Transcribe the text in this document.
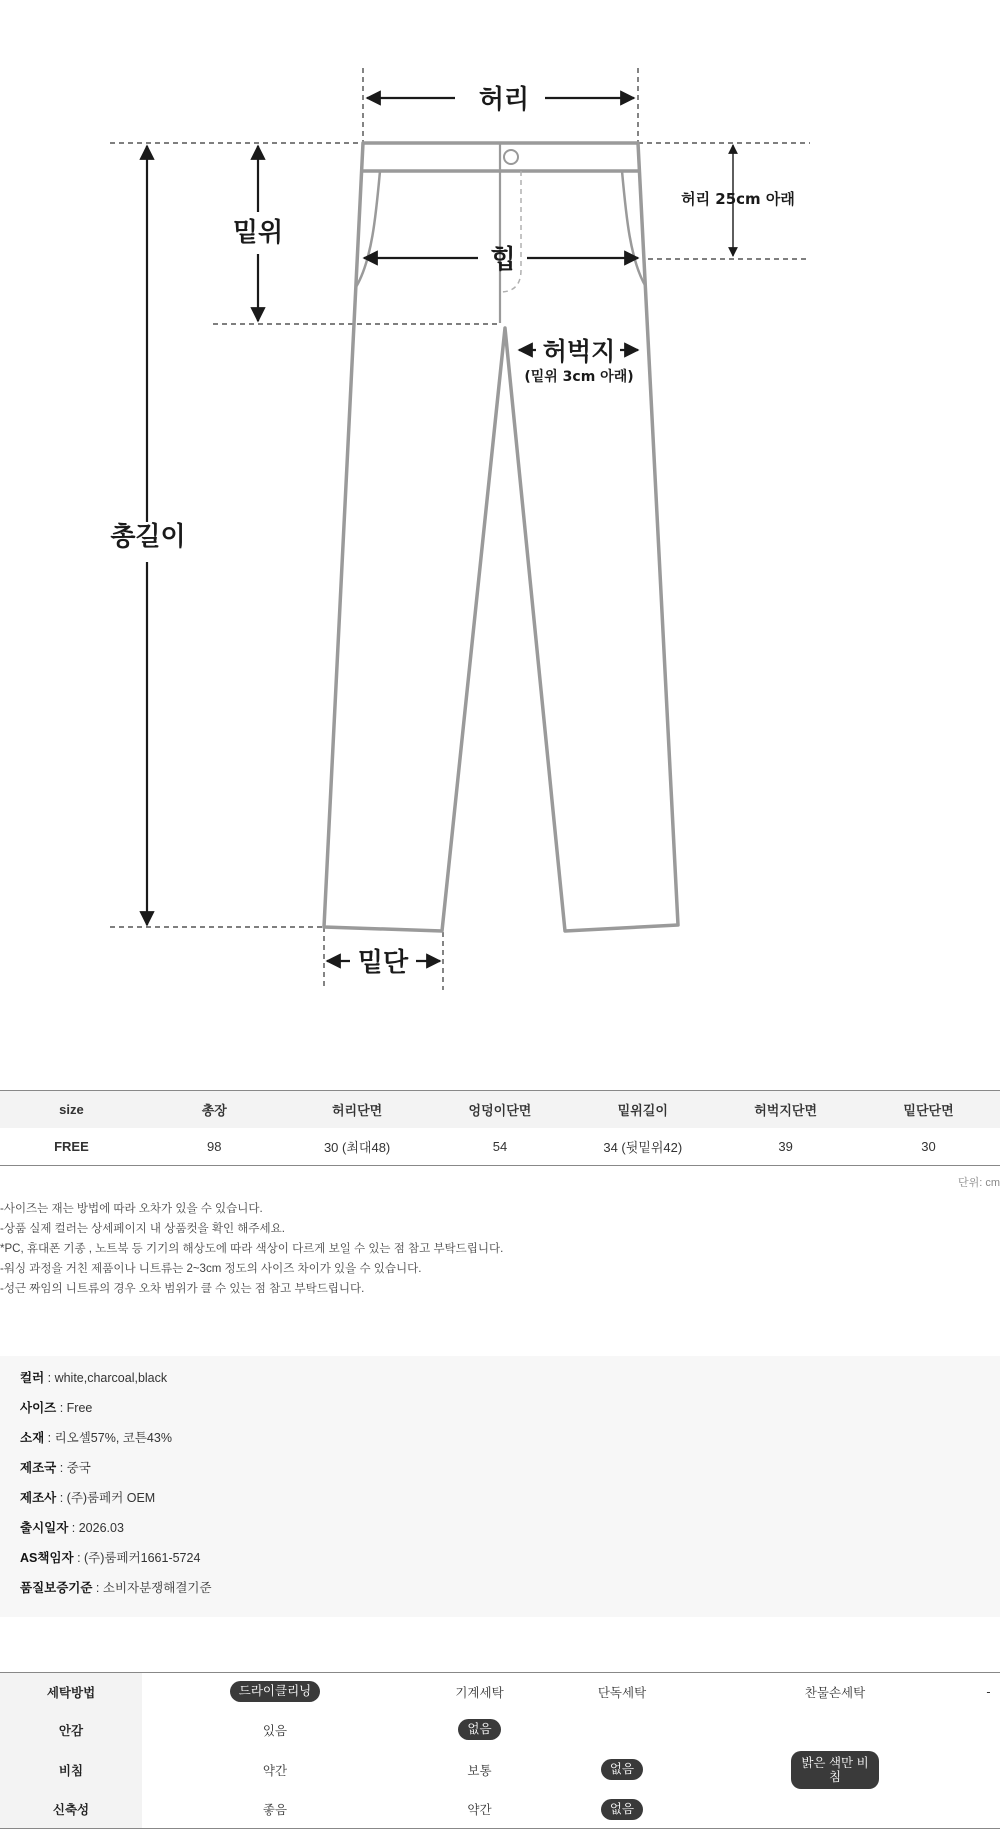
허리
밑위
힙
허리 25cm 아래
허벅지
(밑위 3cm 아래)
총길이
밑단
size	총장	허리단면	엉덩이단면	밑위길이	허벅지단면	밑단단면
FREE	98	30 (최대48)	54	34 (뒷밑위42)	39	30
단위: cm

-사이즈는 재는 방법에 따라 오차가 있을 수 있습니다.

-상품 실제 컬러는 상세페이지 내 상품컷을 확인 해주세요.

*PC, 휴대폰 기종 , 노트북 등 기기의 해상도에 따라 색상이 다르게 보일 수 있는 점 참고 부탁드립니다.

-워싱 과정을 거친 제품이나 니트류는 2~3cm 정도의 사이즈 차이가 있을 수 있습니다.

-성근 짜임의 니트류의 경우 오차 범위가 클 수 있는 점 참고 부탁드립니다.

컬러 : white,charcoal,black
사이즈 : Free
소재 : 리오셀57%, 코튼43%
제조국 : 중국
제조사 : (주)룸페커 OEM
출시일자 : 2026.03
AS책임자 : (주)룸페커1661-5724
품질보증기준 : 소비자분쟁해결기준
세탁방법	드라이클리닝	기계세탁	단독세탁	찬물손세탁	-
안감	있음	없음			
비침	약간	보통	없음	밝은 색만 비침	
신축성	좋음	약간	없음		
